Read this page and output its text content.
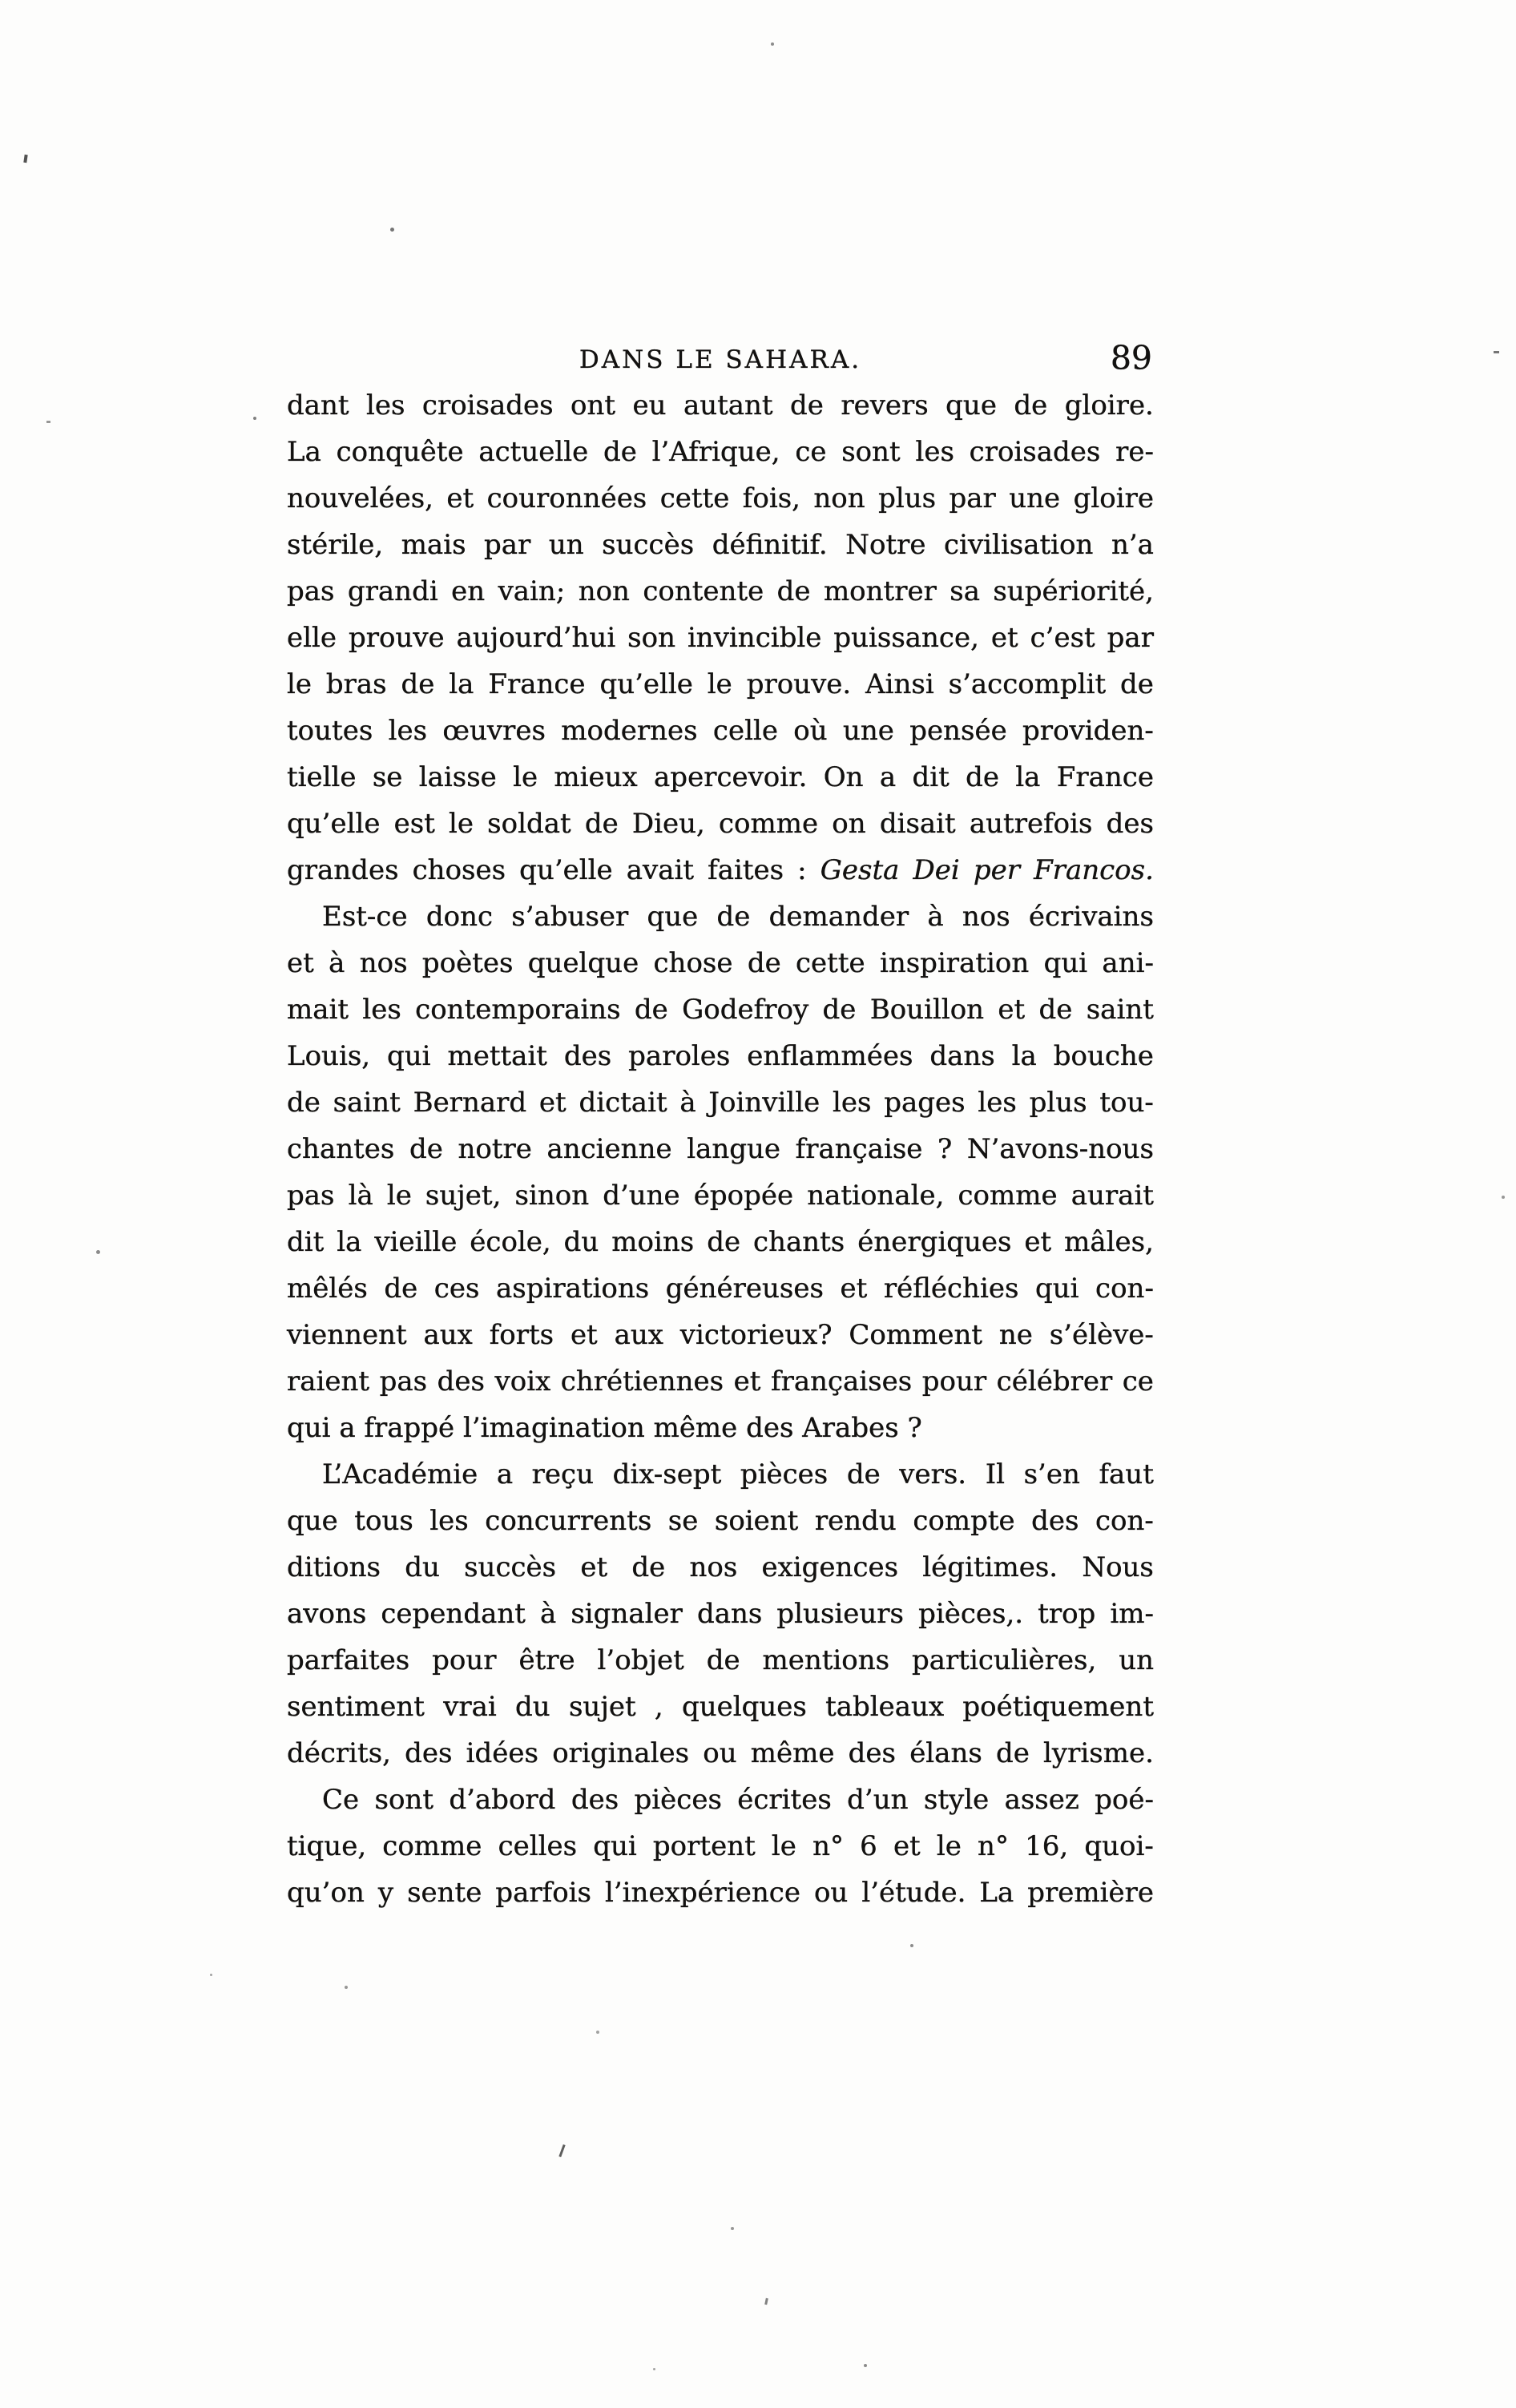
DANS LE SAHARA.	89
dant les croisades ont eu autant de revers que de gloire.
La conquête actuelle de l’Afrique, ce sont les croisades re-
nouvelées, et couronnées cette fois, non plus par une gloire
stérile, mais par un succès définitif. Notre civilisation n’a
pas grandi en vain; non contente de montrer sa supériorité,
elle prouve aujourd’hui son invincible puissance, et c’est par
le bras de la France qu’elle le prouve. Ainsi s’accomplit de
toutes les œuvres modernes celle où une pensée providen-
tielle se laisse le mieux apercevoir. On a dit de la France
qu’elle est le soldat de Dieu, comme on disait autrefois des
grandes choses qu’elle avait faites : Gesta Dei per Francos.
Est-ce donc s’abuser que de demander à nos écrivains
et à nos poètes quelque chose de cette inspiration qui ani-
mait les contemporains de Godefroy de Bouillon et de saint
Louis, qui mettait des paroles enflammées dans la bouche
de saint Bernard et dictait à Joinville les pages les plus tou-
chantes de notre ancienne langue française ? N’avons-nous
pas là le sujet, sinon d’une épopée nationale, comme aurait
dit la vieille école, du moins de chants énergiques et mâles,
mêlés de ces aspirations généreuses et réfléchies qui con-
viennent aux forts et aux victorieux? Comment ne s’élève-
raient pas des voix chrétiennes et françaises pour célébrer ce
qui a frappé l’imagination même des Arabes ?
L’Académie a reçu dix-sept pièces de vers. Il s’en faut
que tous les concurrents se soient rendu compte des con-
ditions du succès et de nos exigences légitimes. Nous
avons cependant à signaler dans plusieurs pièces,. trop im-
parfaites pour être l’objet de mentions particulières, un
sentiment vrai du sujet , quelques tableaux poétiquement
décrits, des idées originales ou même des élans de lyrisme.
Ce sont d’abord des pièces écrites d’un style assez poé-
tique, comme celles qui portent le n° 6 et le n° 16, quoi-
qu’on y sente parfois l’inexpérience ou l’étude. La première
